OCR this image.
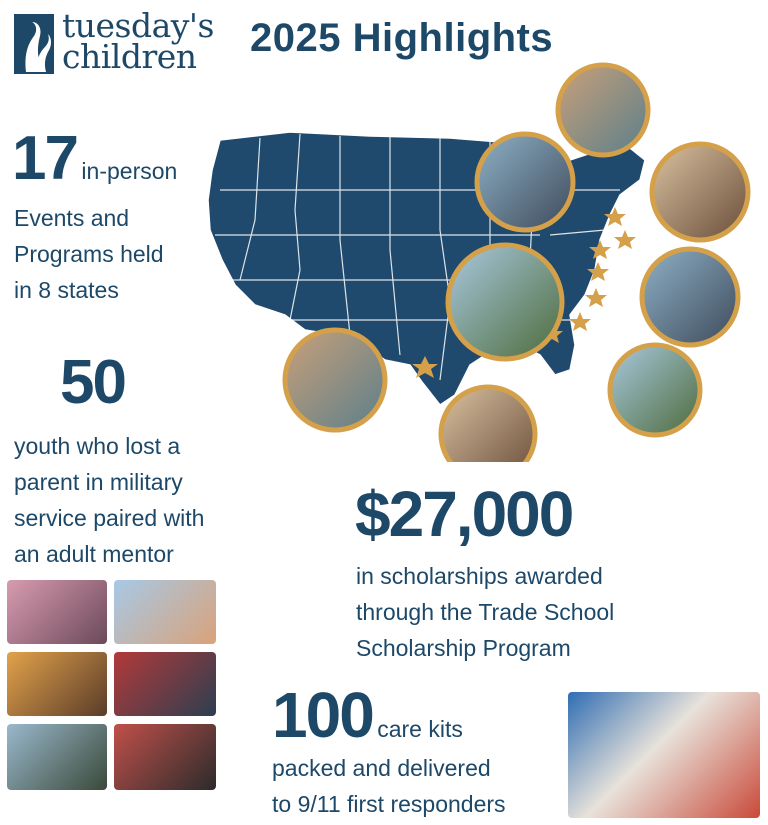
tuesday's
children	2025 Highlights
17 in-person
Events and
Programs held
in 8 states
50
youth who lost a
parent in military
service paired with
an adult mentor
$27,000
in scholarships awarded
through the Trade School
Scholarship Program
100 care kits
packed and delivered
to 9/11 first responders
